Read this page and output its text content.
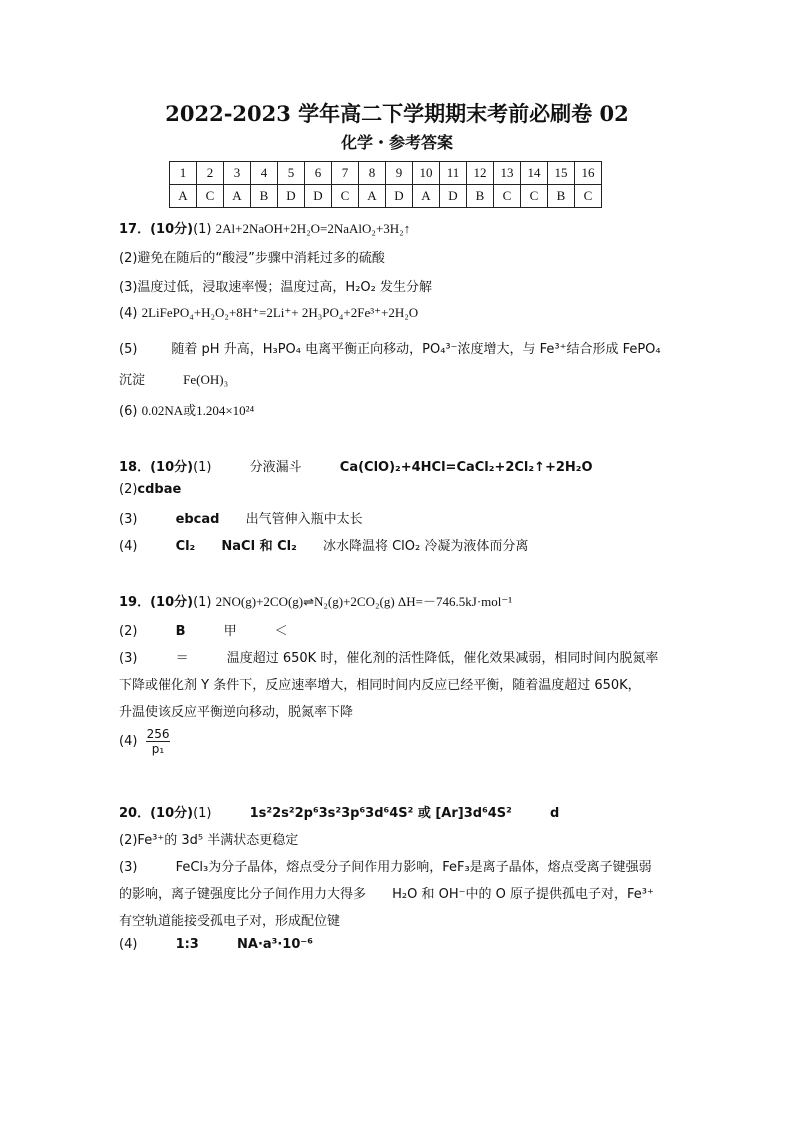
2022-2023 学年高二下学期期末考前必刷卷 02
化学・参考答案
1	2	3	4	5	6	7	8	9	10	11	12	13	14	15	16
A	C	A	B	D	D	C	A	D	A	D	B	C	C	B	C
17．(10分)(1) 2Al+2NaOH+2H₂O=2NaAlO₂+3H₂↑
(2)避免在随后的“酸浸”步骤中消耗过多的硫酸
(3)温度过低，浸取速率慢；温度过高，H₂O₂ 发生分解
(4) 2LiFePO₄+H₂O₂+8H⁺=2Li⁺+ 2H₃PO₄+2Fe³⁺+2H₂O
(5)	随着 pH 升高，H₃PO₄ 电离平衡正向移动，PO₄³⁻浓度增大，与 Fe³⁺结合形成 FePO₄
沉淀	Fe(OH)₃
(6) 0.02NA或1.204×10²⁴
18．(10分)(1)	分液漏斗	Ca(ClO)₂+4HCl=CaCl₂+2Cl₂↑+2H₂O
(2)cdbae
(3)	ebcad 出气管伸入瓶中太长
(4)	Cl₂ NaCl 和 Cl₂ 冰水降温将 ClO₂ 冷凝为液体而分离
19．(10分)(1) 2NO(g)+2CO(g)⇌N₂(g)+2CO₂(g) ΔH=－746.5kJ·mol⁻¹
(2)	B	甲	＜
(3)	＝	温度超过 650K 时，催化剂的活性降低，催化效果减弱，相同时间内脱氮率
下降或催化剂 Y 条件下，反应速率增大，相同时间内反应已经平衡，随着温度超过 650K，
升温使该反应平衡逆向移动，脱氮率下降
$(4) \frac{256}{\text{p₁}}$
20．(10分)(1)	1s²2s²2p⁶3s²3p⁶3d⁶4S² 或 [Ar]3d⁶4S²	d
(2)Fe³⁺的 3d⁵ 半满状态更稳定
(3)	FeCl₃为分子晶体，熔点受分子间作用力影响，FeF₃是离子晶体，熔点受离子键强弱
的影响，离子键强度比分子间作用力大得多 H₂O 和 OH⁻中的 O 原子提供孤电子对，Fe³⁺
有空轨道能接受孤电子对，形成配位键
(4)	1:3	NA·a³·10⁻⁶
